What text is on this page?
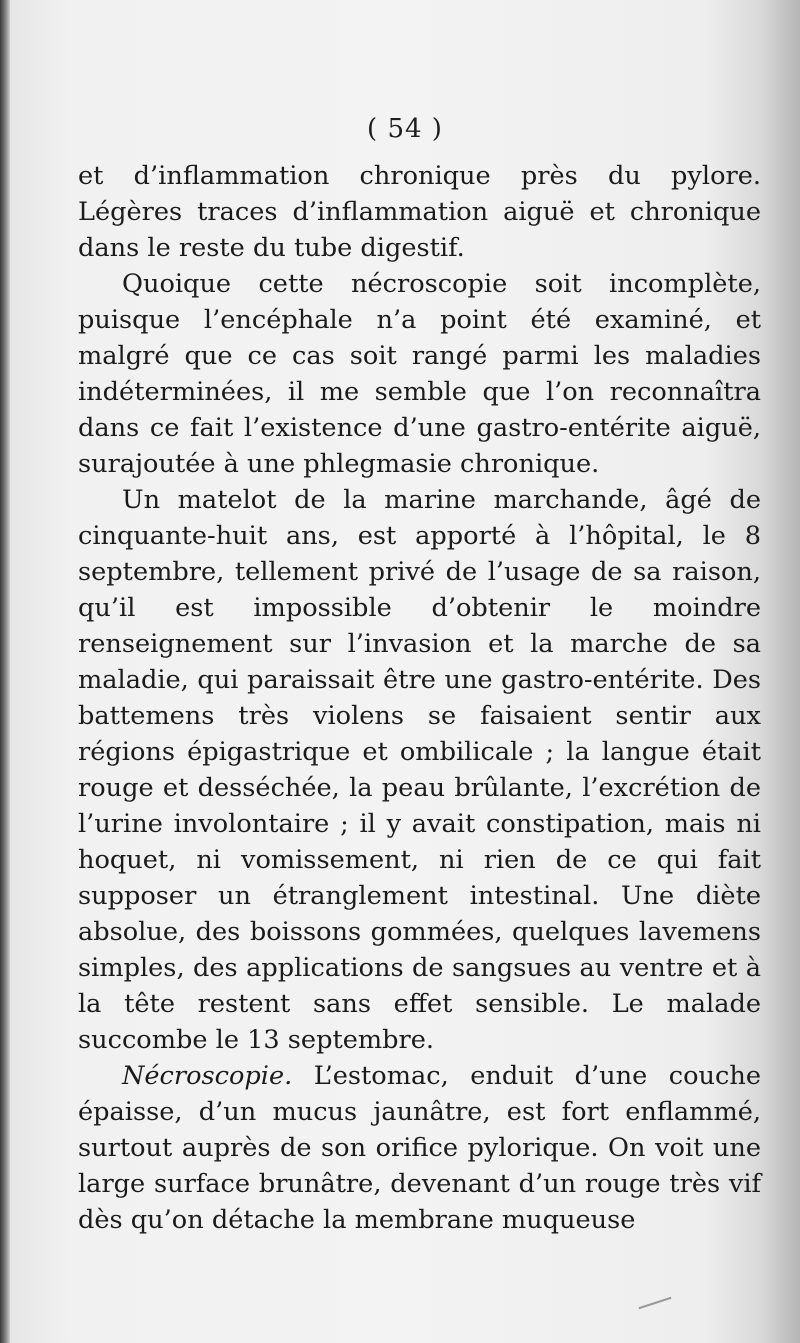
( 54 )

et d’inflammation chronique près du pylore. Légères traces d’inflammation aiguë et chronique dans le reste du tube digestif.

Quoique cette nécroscopie soit incomplète, puisque l’encéphale n’a point été examiné, et malgré que ce cas soit rangé parmi les maladies indéterminées, il me semble que l’on reconnaîtra dans ce fait l’existence d’une gastro-entérite aiguë, surajoutée à une phlegmasie chronique.

Un matelot de la marine marchande, âgé de cinquante-huit ans, est apporté à l’hôpital, le 8 septembre, tellement privé de l’usage de sa raison, qu’il est impossible d’obtenir le moindre renseignement sur l’invasion et la marche de sa maladie, qui paraissait être une gastro-entérite. Des battemens très violens se faisaient sentir aux régions épigastrique et ombilicale ; la langue était rouge et desséchée, la peau brûlante, l’excrétion de l’urine involontaire ; il y avait constipation, mais ni hoquet, ni vomissement, ni rien de ce qui fait supposer un étranglement intestinal. Une diète absolue, des boissons gommées, quelques lavemens simples, des applications de sangsues au ventre et à la tête restent sans effet sensible. Le malade succombe le 13 septembre.

Nécroscopie. L’estomac, enduit d’une couche épaisse, d’un mucus jaunâtre, est fort enflammé, surtout auprès de son orifice pylorique. On voit une large surface brunâtre, devenant d’un rouge très vif dès qu’on détache la membrane muqueuse
